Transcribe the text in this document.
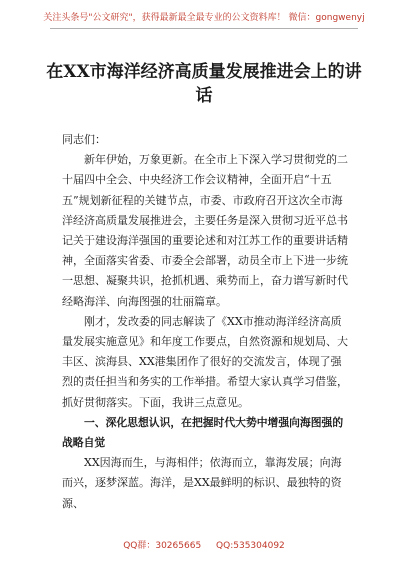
关注头条号"公文研究"，获得最新最全最专业的公文资料库！ 微信：gongwenyj
在XX市海洋经济高质量发展推进会上的讲话

同志们：

新年伊始，万象更新。在全市上下深入学习贯彻党的二十届四中全会、中央经济工作会议精神，全面开启“十五五”规划新征程的关键节点，市委、市政府召开这次全市海洋经济高质量发展推进会，主要任务是深入贯彻习近平总书记关于建设海洋强国的重要论述和对江苏工作的重要讲话精神，全面落实省委、市委全会部署，动员全市上下进一步统一思想、凝聚共识，抢抓机遇、乘势而上，奋力谱写新时代经略海洋、向海图强的壮丽篇章。

刚才，发改委的同志解读了《XX市推动海洋经济高质量发展实施意见》和年度工作要点，自然资源和规划局、大丰区、滨海县、XX港集团作了很好的交流发言，体现了强烈的责任担当和务实的工作举措。希望大家认真学习借鉴，抓好贯彻落实。下面，我讲三点意见。

一、深化思想认识，在把握时代大势中增强向海图强的战略自觉

XX因海而生，与海相伴；依海而立，靠海发展；向海而兴，逐梦深蓝。海洋，是XX最鲜明的标识、最独特的资源、

QQ群：30265665 QQ:535304092
